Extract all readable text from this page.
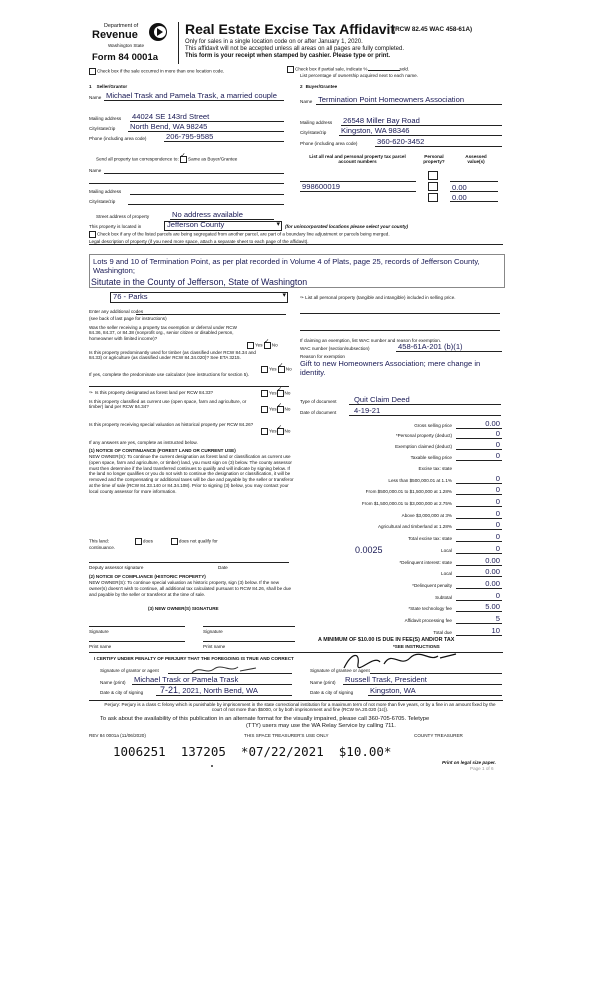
Department of
Revenue
Washington State
Form 84 0001a
Real Estate Excise Tax Affidavit
(RCW 82.45 WAC 458-61A)
Only for sales in a single location code on or after January 1, 2020.
This affidavit will not be accepted unless all areas on all pages are fully completed.
This form is your receipt when stamped by cashier. Please type or print.
Check box if the sale occurred in more than one location code.	Check box if partial sale, indicate %	sold.
List percentage of ownership acquired next to each name.
1 Seller/Grantor
Name Michael Trask and Pamela Trask, a married couple
Mailing address 44024 SE 143rd Street
City/state/zip North Bend, WA 98245
Phone (including area code)	206-795-9585
2 Buyer/Grantee
Name Termination Point Homeowners Association
Mailing address 26548 Miller Bay Road
City/state/zip Kingston, WA 98346
Phone (including area code)	360-620-3452
Send all property tax correspondence to: ✓ Same as Buyer/Grantee
Name
Mailing address
City/state/zip
List all real and personal property tax parcel account numbers
Personal property?
Assessed value(s)
998600019	0.00
0.00
Street address of property	No address available
This property is located in	Jefferson County	▾ (for unincorporated locations please select your county)
Check box if any of the listed parcels are being segregated from another parcel, are part of a boundary line adjustment or parcels being merged.
Legal description of property (if you need more space, attach a separate sheet to each page of the affidavit).
Lots 9 and 10 of Termination Point, as per plat recorded in Volume 4 of Plats, page 25, records of Jefferson County, Washington;
Situtate in the County of Jefferson, State of Washington
76 - Parks	▾
Enter any additional codes
(see back of last page for instructions)
Was the seller receiving a property tax exemption or deferral under RCW 84.36, 84.37, or 84.38 (nonprofit org., senior citizen or disabled person, homeowner with limited income)?
Yes ✓ No
Is this property predominantly used for timber (as classified under RCW 84.34 and 84.33) or agriculture (as classified under RCW 84.34.020)? See ETA 3215.
Yes ✓ No
If yes, complete the predominate use calculator (see instructions for section 5).
✑ Is this property designated as forest land per RCW 84.33?	Yes ✓ No
Is this property classified as current use (open space, farm and agriculture, or timber) land per RCW 84.34?	Yes ✓ No
Is this property receiving special valuation as historical property per RCW 84.26?
Yes ✓ No
If any answers are yes, complete as instructed below.
(1) NOTICE OF CONTINUANCE (FOREST LAND OR CURRENT USE)
NEW OWNER(S): To continue the current designation as forest land or classification as current use (open space, farm and agriculture, or timber) land, you must sign on (3) below. The county assessor must then determine if the land transferred continues to qualify and will indicate by signing below. If the land no longer qualifies or you do not wish to continue the designation or classification, it will be removed and the compensating or additional taxes will be due and payable by the seller or transferor at the time of sale (RCW 84.33.140 or 84.34.108). Prior to signing (3) below, you may contact your local county assessor for more information.
This land:	does	does not qualify for
continuance.
Deputy assessor signature	Date
(2) NOTICE OF COMPLIANCE (HISTORIC PROPERTY)
NEW OWNER(S): To continue special valuation as historic property, sign (3) below. If the new owner(s) doesn't wish to continue, all additional tax calculated pursuant to RCW 84.26, shall be due and payable by the seller or transferor at the time of sale.
(3) NEW OWNER(S) SIGNATURE
Signature	Signature
Print name	Print name
✑ List all personal property (tangible and intangible) included in selling price.
If claiming an exemption, list WAC number and reason for exemption.
WAC number (section/subsection)	458-61A-201 (b)(1)
Reason for exemption
Gift to new Homeowners Association; mere change in identity.
Type of document Quit Claim Deed
Date of document 4-19-21
Gross selling price	0.00
*Personal property (deduct)	0
Exemption claimed (deduct)	0
Taxable selling price	0
Excise tax: state
Less than $500,000.01 at 1.1%	0
From $500,000.01 to $1,500,000 at 1.28%	0
From $1,500,000.01 to $3,000,000 at 2.75%	0
Above $3,000,000 at 3%	0
Agricultural and timberland at 1.28%	0
Total excise tax: state	0
0.0025	Local	0
*Delinquent interest: state	0.00
Local	0.00
*Delinquent penalty	0.00
Subtotal	0
*State technology fee	5.00
Affidavit processing fee	5
Total due	10
A MINIMUM OF $10.00 IS DUE IN FEE(S) AND/OR TAX
*SEE INSTRUCTIONS
I CERTIFY UNDER PENALTY OF PERJURY THAT THE FOREGOING IS TRUE AND CORRECT
Signature of grantor or agent	Signature of grantee or agent
Name (print) Michael Trask or Pamela Trask	Name (print) Russell Trask, President
Date & city of signing 7-21, 2021, North Bend, WA	Date & city of signing Kingston, WA
Perjury: Perjury is a class C felony which is punishable by imprisonment in the state correctional institution for a maximum term of not more than five years, or by a fine in an amount fixed by the court of not more than $5000, or by both imprisonment and fine (RCW 9A.20.020 (1c)).
To ask about the availability of this publication in an alternate format for the visually impaired, please call 360-705-6705. Teletype
(TTY) users may use the WA Relay Service by calling 711.
REV 84 0001a (11/06/2020)	THIS SPACE TREASURER'S USE ONLY	COUNTY TREASURER
1006251  137205  *07/22/2021  $10.00*
Print on legal size paper.
Page 1 of 6
